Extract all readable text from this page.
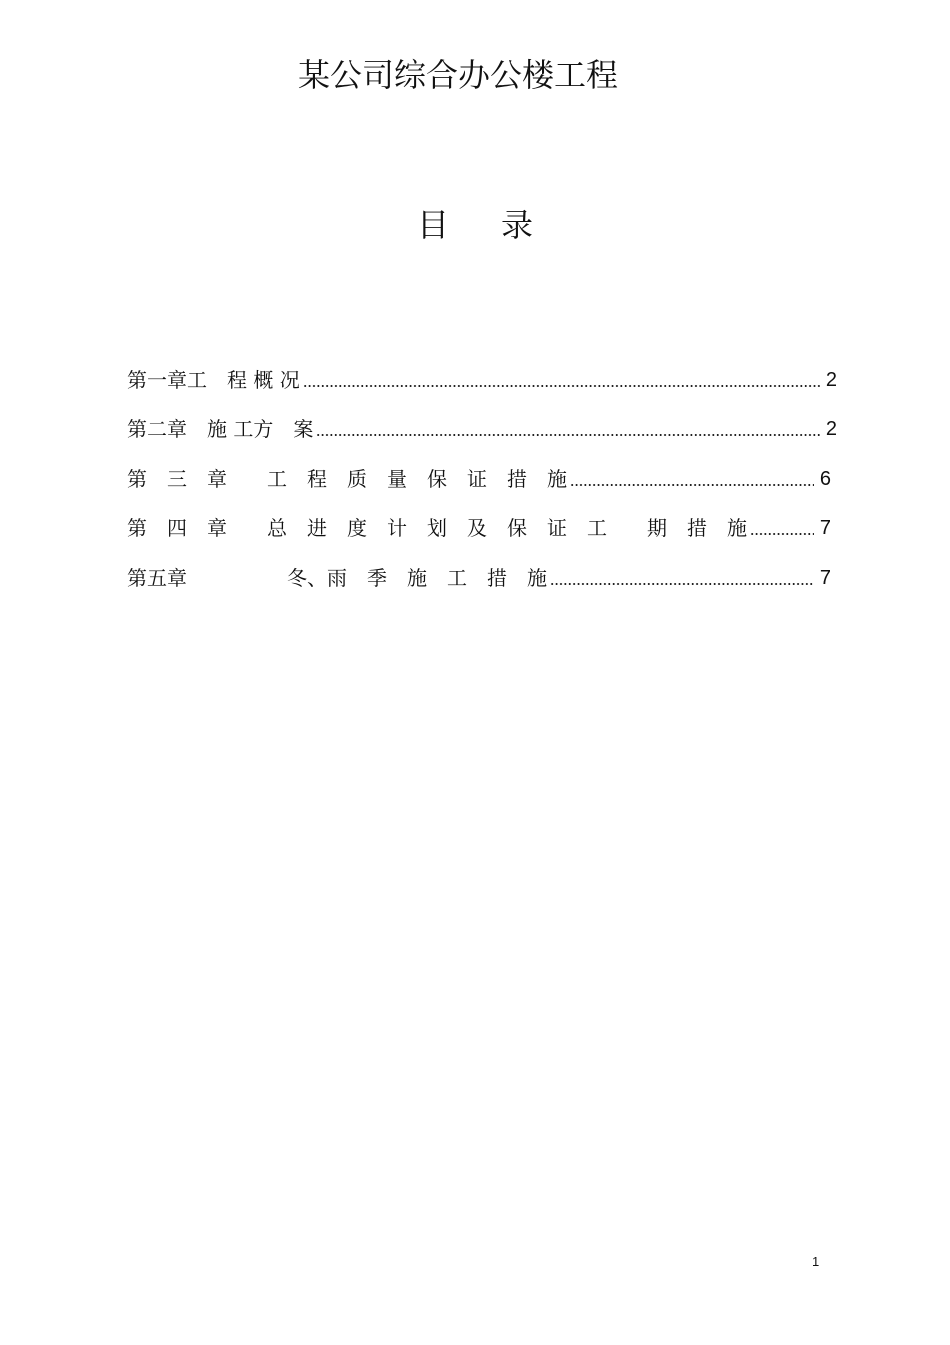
某公司综合办公楼工程
目 录
第一章工　程 概 况	2
第二章　施 工方　案	2
第　三　章　　工　程　质　量　保　证　措　施	6
第　四　章　　总　进　度　计　划　及　保　证　工　　期　措　施	7
第五章　　　　　冬、雨　季　施　工　措　施	7
1
